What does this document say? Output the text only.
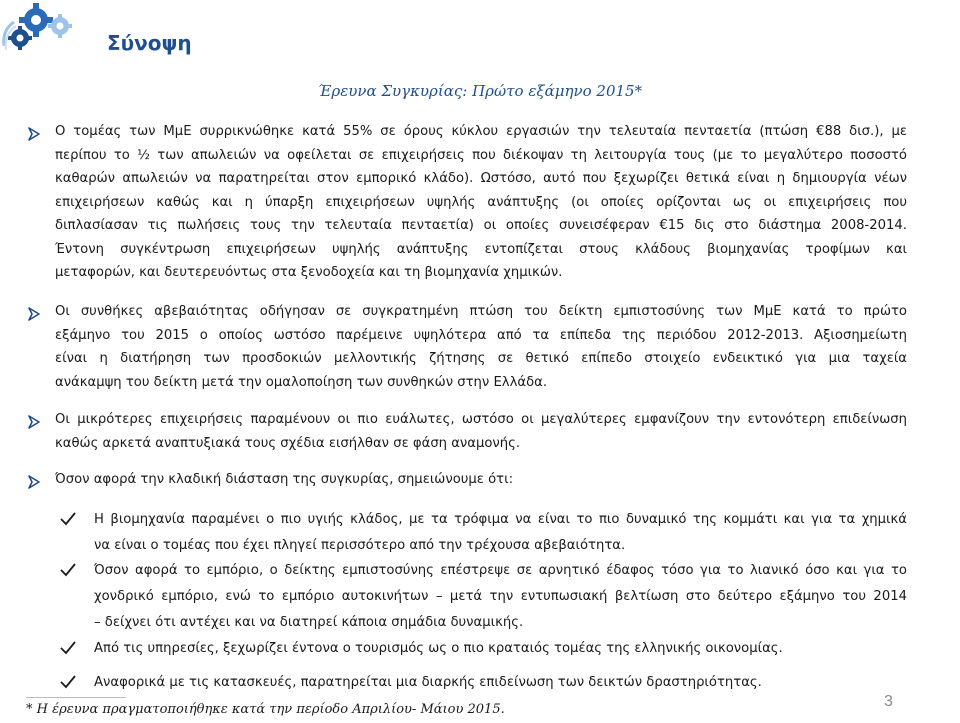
Σύνοψη
Έρευνα Συγκυρίας: Πρώτο εξάμηνο 2015*
Ο τομέας των ΜμΕ συρρικνώθηκε κατά 55% σε όρους κύκλου εργασιών την τελευταία πενταετία (πτώση €88 δισ.), με
περίπου το ½ των απωλειών να οφείλεται σε επιχειρήσεις που διέκοψαν τη λειτουργία τους (με το μεγαλύτερο ποσοστό
καθαρών απωλειών να παρατηρείται στον εμπορικό κλάδο). Ωστόσο, αυτό που ξεχωρίζει θετικά είναι η δημιουργία νέων
επιχειρήσεων καθώς και η ύπαρξη επιχειρήσεων υψηλής ανάπτυξης (οι οποίες ορίζονται ως οι επιχειρήσεις που
διπλασίασαν τις πωλήσεις τους την τελευταία πενταετία) οι οποίες συνεισέφεραν €15 δις στο διάστημα 2008-2014.
Έντονη συγκέντρωση επιχειρήσεων υψηλής ανάπτυξης εντοπίζεται στους κλάδους βιομηχανίας τροφίμων και
μεταφορών, και δευτερευόντως στα ξενοδοχεία και τη βιομηχανία χημικών.
Οι συνθήκες αβεβαιότητας οδήγησαν σε συγκρατημένη πτώση του δείκτη εμπιστοσύνης των ΜμΕ κατά το πρώτο
εξάμηνο του 2015 ο οποίος ωστόσο παρέμεινε υψηλότερα από τα επίπεδα της περιόδου 2012-2013. Αξιοσημείωτη
είναι η διατήρηση των προσδοκιών μελλοντικής ζήτησης σε θετικό επίπεδο στοιχείο ενδεικτικό για μια ταχεία
ανάκαμψη του δείκτη μετά την ομαλοποίηση των συνθηκών στην Ελλάδα.
Οι μικρότερες επιχειρήσεις παραμένουν οι πιο ευάλωτες, ωστόσο οι μεγαλύτερες εμφανίζουν την εντονότερη επιδείνωση
καθώς αρκετά αναπτυξιακά τους σχέδια εισήλθαν σε φάση αναμονής.
Όσον αφορά την κλαδική διάσταση της συγκυρίας, σημειώνουμε ότι:
Η βιομηχανία παραμένει ο πιο υγιής κλάδος, με τα τρόφιμα να είναι το πιο δυναμικό της κομμάτι και για τα χημικά
να είναι ο τομέας που έχει πληγεί περισσότερο από την τρέχουσα αβεβαιότητα.
Όσον αφορά το εμπόριο, ο δείκτης εμπιστοσύνης επέστρεψε σε αρνητικό έδαφος τόσο για το λιανικό όσο και για το
χονδρικό εμπόριο, ενώ το εμπόριο αυτοκινήτων – μετά την εντυπωσιακή βελτίωση στο δεύτερο εξάμηνο του 2014
– δείχνει ότι αντέχει και να διατηρεί κάποια σημάδια δυναμικής.
Από τις υπηρεσίες, ξεχωρίζει έντονα ο τουρισμός ως ο πιο κραταιός τομέας της ελληνικής οικονομίας.
Αναφορικά με τις κατασκευές, παρατηρείται μια διαρκής επιδείνωση των δεικτών δραστηριότητας.
* Η έρευνα πραγματοποιήθηκε κατά την περίοδο Απριλίου- Μάιου 2015.	3
